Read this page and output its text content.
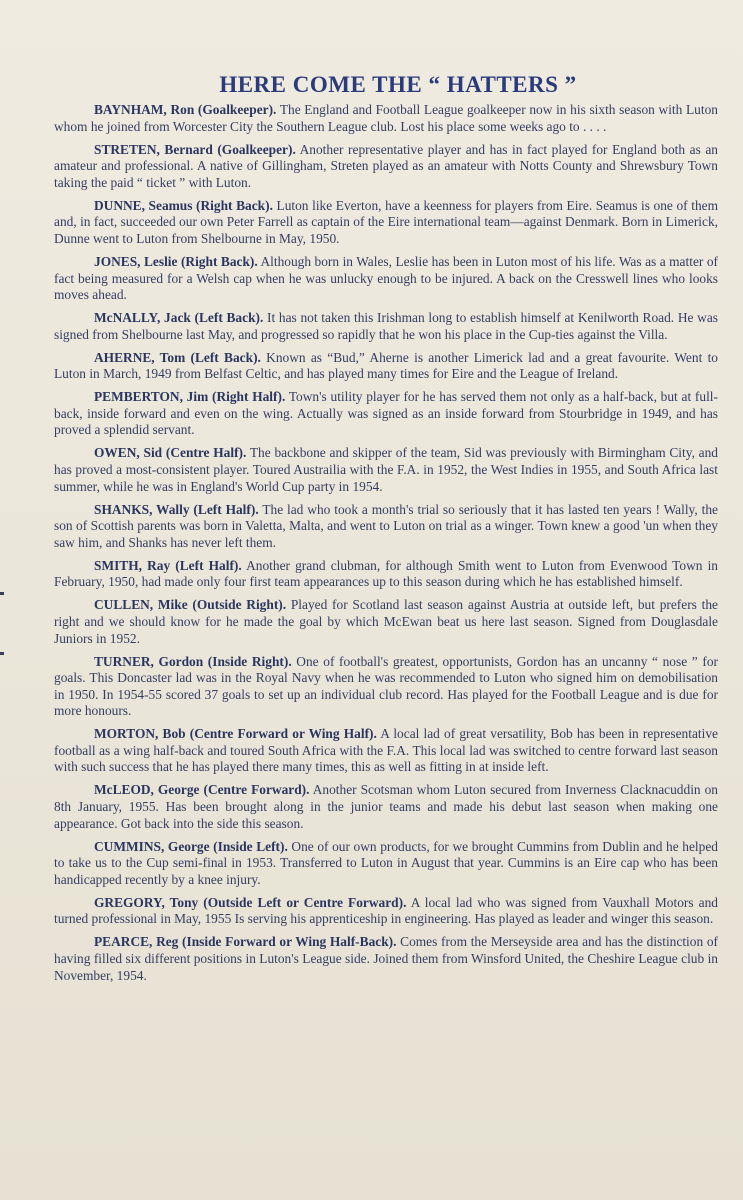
HERE COME THE “ HATTERS ”

BAYNHAM, Ron (Goalkeeper). The England and Football League goalkeeper now in his sixth season with Luton whom he joined from Worcester City the Southern League club. Lost his place some weeks ago to . . . .

STRETEN, Bernard (Goalkeeper). Another representative player and has in fact played for England both as an amateur and professional. A native of Gillingham, Streten played as an amateur with Notts County and Shrewsbury Town taking the paid “ ticket ” with Luton.

DUNNE, Seamus (Right Back). Luton like Everton, have a keenness for players from Eire. Seamus is one of them and, in fact, succeeded our own Peter Farrell as captain of the Eire international team—against Denmark. Born in Limerick, Dunne went to Luton from Shelbourne in May, 1950.

JONES, Leslie (Right Back). Although born in Wales, Leslie has been in Luton most of his life. Was as a matter of fact being measured for a Welsh cap when he was unlucky enough to be injured. A back on the Cresswell lines who looks moves ahead.

McNALLY, Jack (Left Back). It has not taken this Irishman long to establish himself at Kenilworth Road. He was signed from Shelbourne last May, and progressed so rapidly that he won his place in the Cup-ties against the Villa.

AHERNE, Tom (Left Back). Known as “Bud,” Aherne is another Limerick lad and a great favourite. Went to Luton in March, 1949 from Belfast Celtic, and has played many times for Eire and the League of Ireland.

PEMBERTON, Jim (Right Half). Town's utility player for he has served them not only as a half-back, but at full-back, inside forward and even on the wing. Actually was signed as an inside forward from Stourbridge in 1949, and has proved a splendid servant.

OWEN, Sid (Centre Half). The backbone and skipper of the team, Sid was previously with Birmingham City, and has proved a most-consistent player. Toured Austrailia with the F.A. in 1952, the West Indies in 1955, and South Africa last summer, while he was in England's World Cup party in 1954.

SHANKS, Wally (Left Half). The lad who took a month's trial so seriously that it has lasted ten years ! Wally, the son of Scottish parents was born in Valetta, Malta, and went to Luton on trial as a winger. Town knew a good 'un when they saw him, and Shanks has never left them.

SMITH, Ray (Left Half). Another grand clubman, for although Smith went to Luton from Evenwood Town in February, 1950, had made only four first team appearances up to this season during which he has established himself.

CULLEN, Mike (Outside Right). Played for Scotland last season against Austria at outside left, but prefers the right and we should know for he made the goal by which McEwan beat us here last season. Signed from Douglasdale Juniors in 1952.

TURNER, Gordon (Inside Right). One of football's greatest, opportunists, Gordon has an uncanny “ nose ” for goals. This Doncaster lad was in the Royal Navy when he was recommended to Luton who signed him on demobilisation in 1950. In 1954-55 scored 37 goals to set up an individual club record. Has played for the Football League and is due for more honours.

MORTON, Bob (Centre Forward or Wing Half). A local lad of great versatility, Bob has been in representative football as a wing half-back and toured South Africa with the F.A. This local lad was switched to centre forward last season with such success that he has played there many times, this as well as fitting in at inside left.

McLEOD, George (Centre Forward). Another Scotsman whom Luton secured from Inverness Clacknacuddin on 8th January, 1955. Has been brought along in the junior teams and made his debut last season when making one appearance. Got back into the side this season.

CUMMINS, George (Inside Left). One of our own products, for we brought Cummins from Dublin and he helped to take us to the Cup semi-final in 1953. Transferred to Luton in August that year. Cummins is an Eire cap who has been handicapped recently by a knee injury.

GREGORY, Tony (Outside Left or Centre Forward). A local lad who was signed from Vauxhall Motors and turned professional in May, 1955 Is serving his apprenticeship in engineering. Has played as leader and winger this season.

PEARCE, Reg (Inside Forward or Wing Half-Back). Comes from the Merseyside area and has the distinction of having filled six different positions in Luton's League side. Joined them from Winsford United, the Cheshire League club in November, 1954.
